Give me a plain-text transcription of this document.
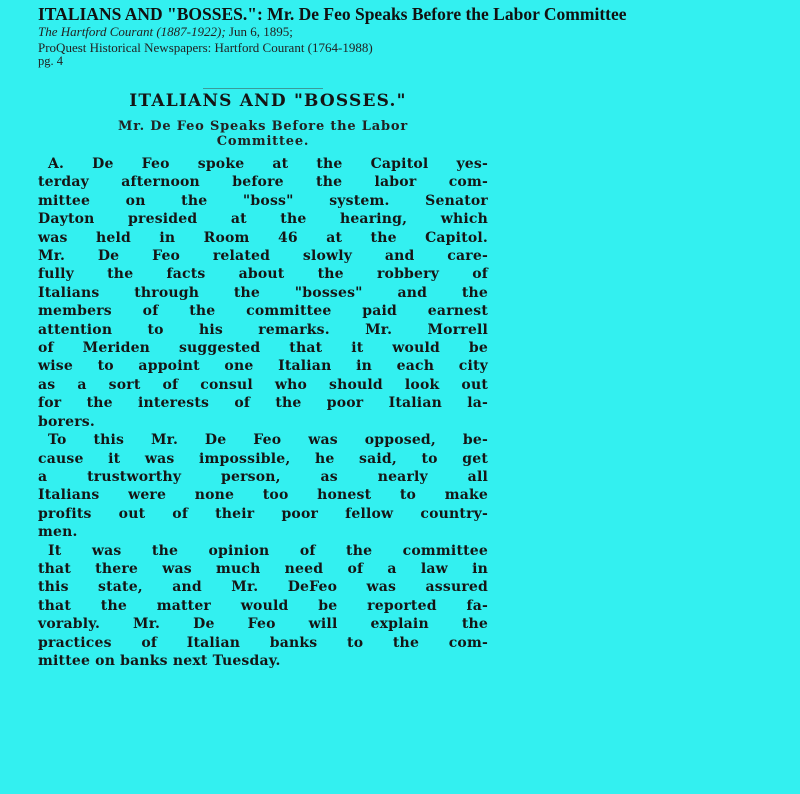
ITALIANS AND "BOSSES.": Mr. De Feo Speaks Before the Labor Committee

The Hartford Courant (1887-1922); Jun 6, 1895;

ProQuest Historical Newspapers: Hartford Courant (1764-1988)

pg. 4

ITALIANS AND "BOSSES."
Mr. De Feo Speaks Before the Labor
Committee.
A. De Feo spoke at the Capitol yes-
terday afternoon before the labor com-
mittee on the "boss" system. Senator
Dayton presided at the hearing, which
was held in Room 46 at the Capitol.
Mr. De Feo related slowly and care-
fully the facts about the robbery of
Italians through the "bosses" and the
members of the committee paid earnest
attention to his remarks. Mr. Morrell
of Meriden suggested that it would be
wise to appoint one Italian in each city
as a sort of consul who should look out
for the interests of the poor Italian la-
borers.
To this Mr. De Feo was opposed, be-
cause it was impossible, he said, to get
a trustworthy person, as nearly all
Italians were none too honest to make
profits out of their poor fellow country-
men.
It was the opinion of the committee
that there was much need of a law in
this state, and Mr. DeFeo was assured
that the matter would be reported fa-
vorably. Mr. De Feo will explain the
practices of Italian banks to the com-
mittee on banks next Tuesday.
